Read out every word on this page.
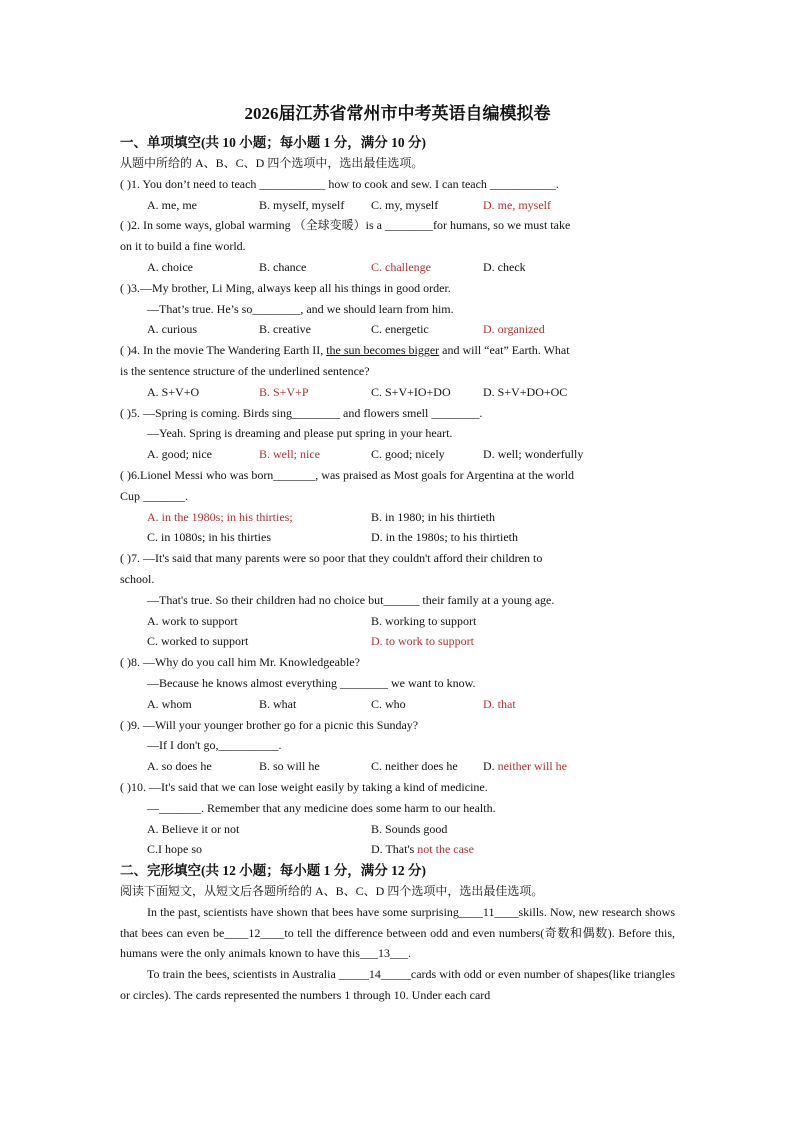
2026届江苏省常州市中考英语自编模拟卷
一、单项填空(共 10 小题；每小题 1 分，满分 10 分)
从题中所给的 A、B、C、D 四个选项中，选出最佳选项。
( )1. You don’t need to teach ___________ how to cook and sew. I can teach ___________.
A. me, me	B. myself, myself	C. my, myself	D. me, myself
( )2. In some ways, global warming （全球变暖）is a ________for humans, so we must take
on it to build a fine world.
A. choice	B. chance	C. challenge	D. check
( )3.—My brother, Li Ming, always keep all his things in good order.
—That’s true. He’s so________, and we should learn from him.
A. curious	B. creative	C. energetic	D. organized
( )4. In the movie The Wandering Earth II, the sun becomes bigger and will “eat” Earth. What
is the sentence structure of the underlined sentence?
A. S+V+O	B. S+V+P	C. S+V+IO+DO	D. S+V+DO+OC
( )5. —Spring is coming. Birds sing________ and flowers smell ________.
—Yeah. Spring is dreaming and please put spring in your heart.
A. good; nice	B. well; nice	C. good; nicely	D. well; wonderfully
( )6.Lionel Messi who was born_______, was praised as Most goals for Argentina at the world
Cup _______.
A. in the 1980s; in his thirties;	B. in 1980; in his thirtieth
C. in 1080s; in his thirties	D. in the 1980s; to his thirtieth
( )7. —It's said that many parents were so poor that they couldn't afford their children to
school.
—That's true. So their children had no choice but______ their family at a young age.
A. work to support	B. working to support
C. worked to support	D. to work to support
( )8. —Why do you call him Mr. Knowledgeable?
—Because he knows almost everything ________ we want to know.
A. whom	B. what	C. who	D. that
( )9. —Will your younger brother go for a picnic this Sunday?
—If I don't go,__________.
A. so does he	B. so will he	C. neither does he	D. neither will he
( )10. —It's said that we can lose weight easily by taking a kind of medicine.
—_______. Remember that any medicine does some harm to our health.
A. Believe it or not	B. Sounds good
C.I hope so	D. That's not the case
二、完形填空(共 12 小题；每小题 1 分，满分 12 分)
阅读下面短文，从短文后各题所给的 A、B、C、D 四个选项中，选出最佳选项。
In the past, scientists have shown that bees have some surprising____11____skills. Now, new research shows that bees can even be____12____to tell the difference between odd and even numbers(奇数和偶数). Before this, humans were the only animals known to have this___13___.
To train the bees, scientists in Australia _____14_____cards with odd or even number of shapes(like triangles or circles). The cards represented the numbers 1 through 10. Under each card
